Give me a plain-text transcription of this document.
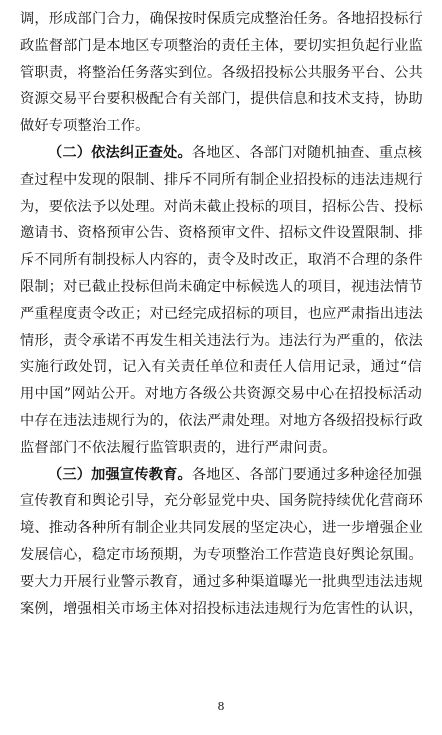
调，形成部门合力，确保按时保质完成整治任务。各地招投标行
政监督部门是本地区专项整治的责任主体，要切实担负起行业监
管职责，将整治任务落实到位。各级招投标公共服务平台、公共
资源交易平台要积极配合有关部门，提供信息和技术支持，协助
做好专项整治工作。
（二）依法纠正查处。各地区、各部门对随机抽查、重点核
查过程中发现的限制、排斥不同所有制企业招投标的违法违规行
为，要依法予以处理。对尚未截止投标的项目，招标公告、投标
邀请书、资格预审公告、资格预审文件、招标文件设置限制、排
斥不同所有制投标人内容的，责令及时改正，取消不合理的条件
限制；对已截止投标但尚未确定中标候选人的项目，视违法情节
严重程度责令改正；对已经完成招标的项目，也应严肃指出违法
情形，责令承诺不再发生相关违法行为。违法行为严重的，依法
实施行政处罚，记入有关责任单位和责任人信用记录，通过“信
用中国”网站公开。对地方各级公共资源交易中心在招投标活动
中存在违法违规行为的，依法严肃处理。对地方各级招投标行政
监督部门不依法履行监管职责的，进行严肃问责。
（三）加强宣传教育。各地区、各部门要通过多种途径加强
宣传教育和舆论引导，充分彰显党中央、国务院持续优化营商环
境、推动各种所有制企业共同发展的坚定决心，进一步增强企业
发展信心，稳定市场预期，为专项整治工作营造良好舆论氛围。
要大力开展行业警示教育，通过多种渠道曝光一批典型违法违规
案例，增强相关市场主体对招投标违法违规行为危害性的认识，
8
